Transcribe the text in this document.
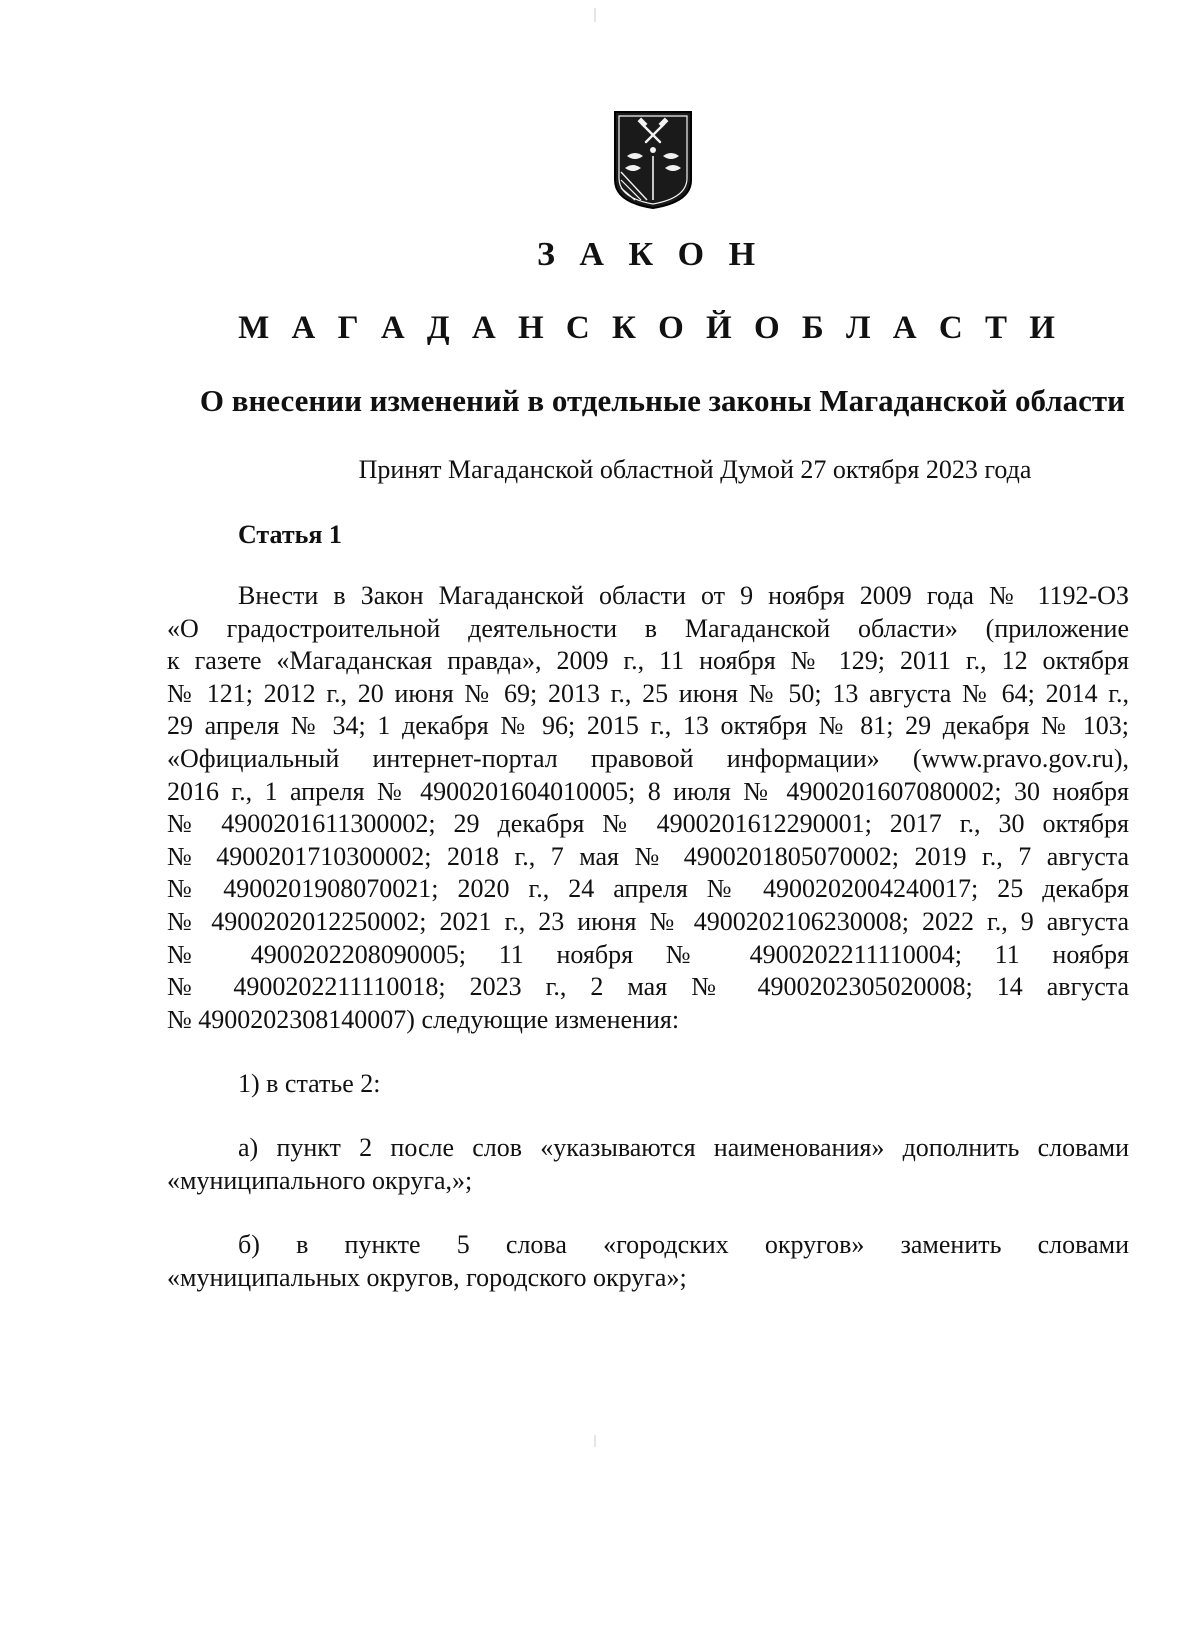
З А К О Н
М А Г А Д А Н С К О Й О Б Л А С Т И
О внесении изменений в отдельные законы Магаданской области
Принят Магаданской областной Думой 27 октября 2023 года
Статья 1
Внести в Закон Магаданской области от 9 ноября 2009 года № 1192-ОЗ
«О градостроительной деятельности в Магаданской области» (приложение
к газете «Магаданская правда», 2009 г., 11 ноября № 129; 2011 г., 12 октября
№ 121; 2012 г., 20 июня № 69; 2013 г., 25 июня № 50; 13 августа № 64; 2014 г.,
29 апреля № 34; 1 декабря № 96; 2015 г., 13 октября № 81; 29 декабря № 103;
«Официальный интернет-портал правовой информации» (www.pravo.gov.ru),
2016 г., 1 апреля № 4900201604010005; 8 июля № 4900201607080002; 30 ноября
№ 4900201611300002; 29 декабря № 4900201612290001; 2017 г., 30 октября
№ 4900201710300002; 2018 г., 7 мая № 4900201805070002; 2019 г., 7 августа
№ 4900201908070021; 2020 г., 24 апреля № 4900202004240017; 25 декабря
№ 4900202012250002; 2021 г., 23 июня № 4900202106230008; 2022 г., 9 августа
№ 4900202208090005; 11 ноября № 4900202211110004; 11 ноября
№ 4900202211110018; 2023 г., 2 мая № 4900202305020008; 14 августа
№ 4900202308140007) следующие изменения:
1) в статье 2:
а) пункт 2 после слов «указываются наименования» дополнить словами
«муниципального округа,»;
б) в пункте 5 слова «городских округов» заменить словами
«муниципальных округов, городского округа»;
